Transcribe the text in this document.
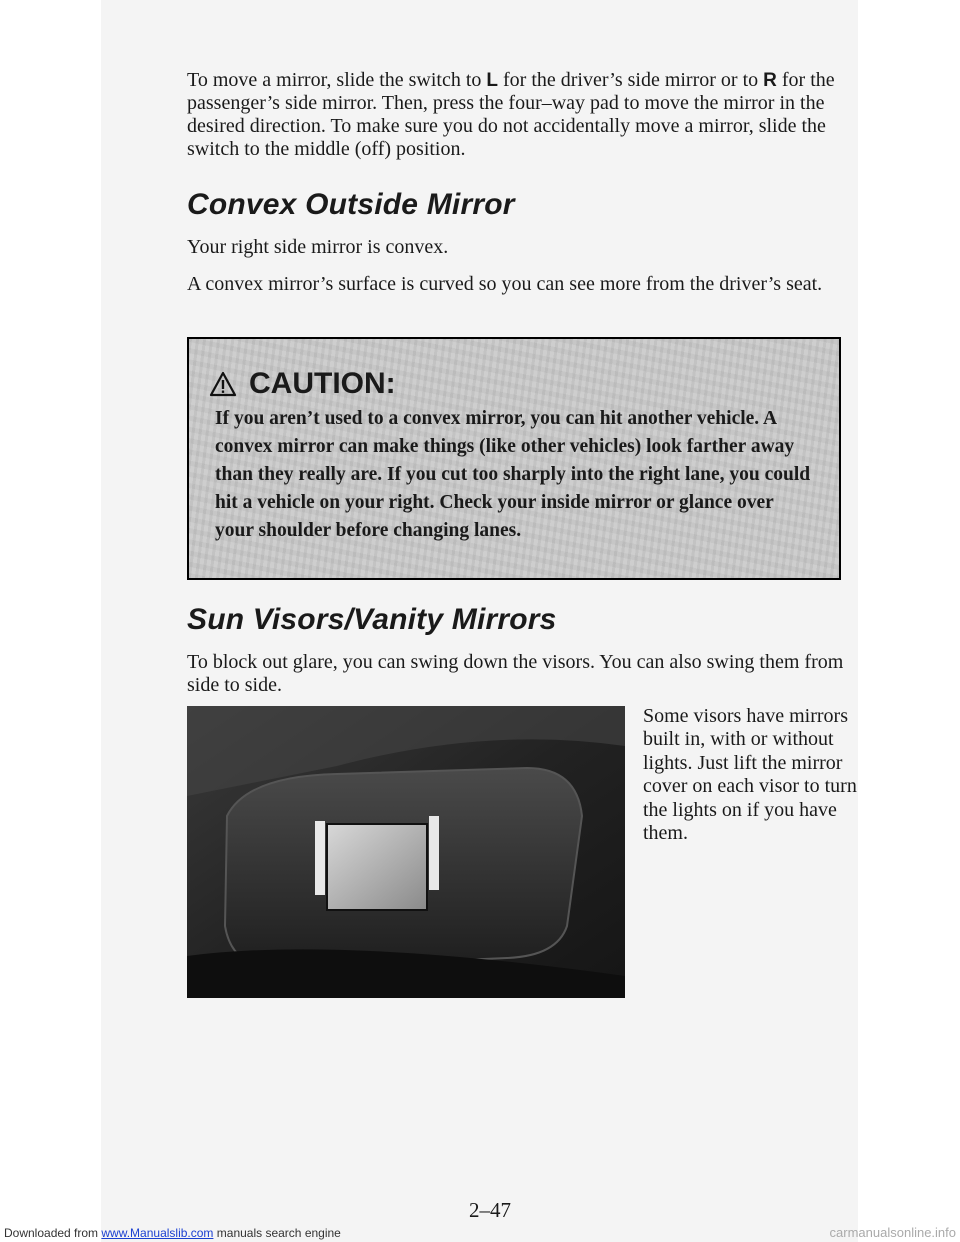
To move a mirror, slide the switch to L for the driver’s side mirror or to R for the passenger’s side mirror. Then, press the four–way pad to move the mirror in the desired direction. To make sure you do not accidentally move a mirror, slide the switch to the middle (off) position.

Convex Outside Mirror

Your right side mirror is convex.

A convex mirror’s surface is curved so you can see more from the driver’s seat.

CAUTION:

If you aren’t used to a convex mirror, you can hit another vehicle. A convex mirror can make things (like other vehicles) look farther away than they really are. If you cut too sharply into the right lane, you could hit a vehicle on your right. Check your inside mirror or glance over your shoulder before changing lanes.

Sun Visors/Vanity Mirrors

To block out glare, you can swing down the visors. You can also swing them from side to side.

Some visors have mirrors built in, with or without lights. Just lift the mirror cover on each visor to turn the lights on if you have them.

2–47

Downloaded from www.Manualslib.com manuals search engine	carmanualsonline.info
